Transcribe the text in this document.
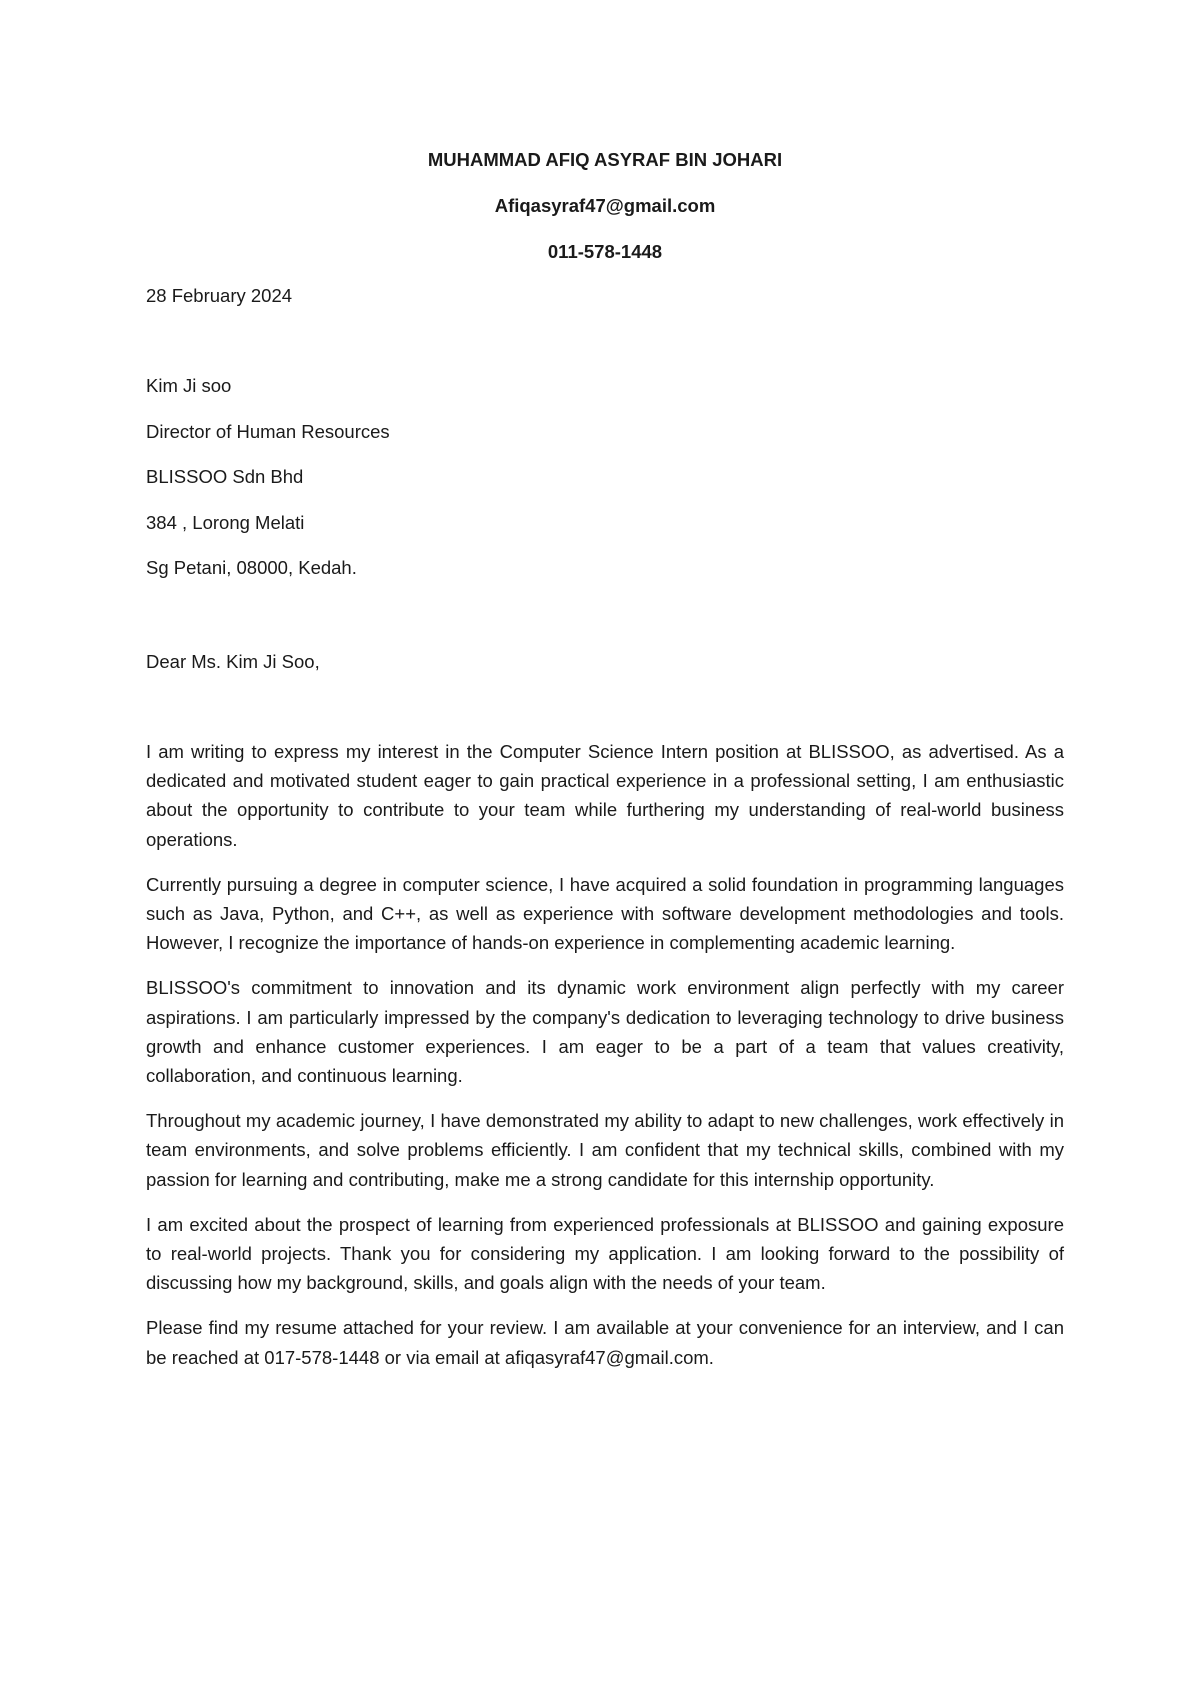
MUHAMMAD AFIQ ASYRAF BIN JOHARI
Afiqasyraf47@gmail.com
011-578-1448
28 February 2024
Kim Ji soo
Director of Human Resources
BLISSOO Sdn Bhd
384 , Lorong Melati
Sg Petani, 08000, Kedah.
Dear Ms. Kim Ji Soo,

I am writing to express my interest in the Computer Science Intern position at BLISSOO, as advertised. As a dedicated and motivated student eager to gain practical experience in a professional setting, I am enthusiastic about the opportunity to contribute to your team while furthering my understanding of real-world business operations.

Currently pursuing a degree in computer science, I have acquired a solid foundation in programming languages such as Java, Python, and C++, as well as experience with software development methodologies and tools. However, I recognize the importance of hands-on experience in complementing academic learning.

BLISSOO's commitment to innovation and its dynamic work environment align perfectly with my career aspirations. I am particularly impressed by the company's dedication to leveraging technology to drive business growth and enhance customer experiences. I am eager to be a part of a team that values creativity, collaboration, and continuous learning.

Throughout my academic journey, I have demonstrated my ability to adapt to new challenges, work effectively in team environments, and solve problems efficiently. I am confident that my technical skills, combined with my passion for learning and contributing, make me a strong candidate for this internship opportunity.

I am excited about the prospect of learning from experienced professionals at BLISSOO and gaining exposure to real-world projects. Thank you for considering my application. I am looking forward to the possibility of discussing how my background, skills, and goals align with the needs of your team.

Please find my resume attached for your review. I am available at your convenience for an interview, and I can be reached at 017-578-1448 or via email at afiqasyraf47@gmail.com.
